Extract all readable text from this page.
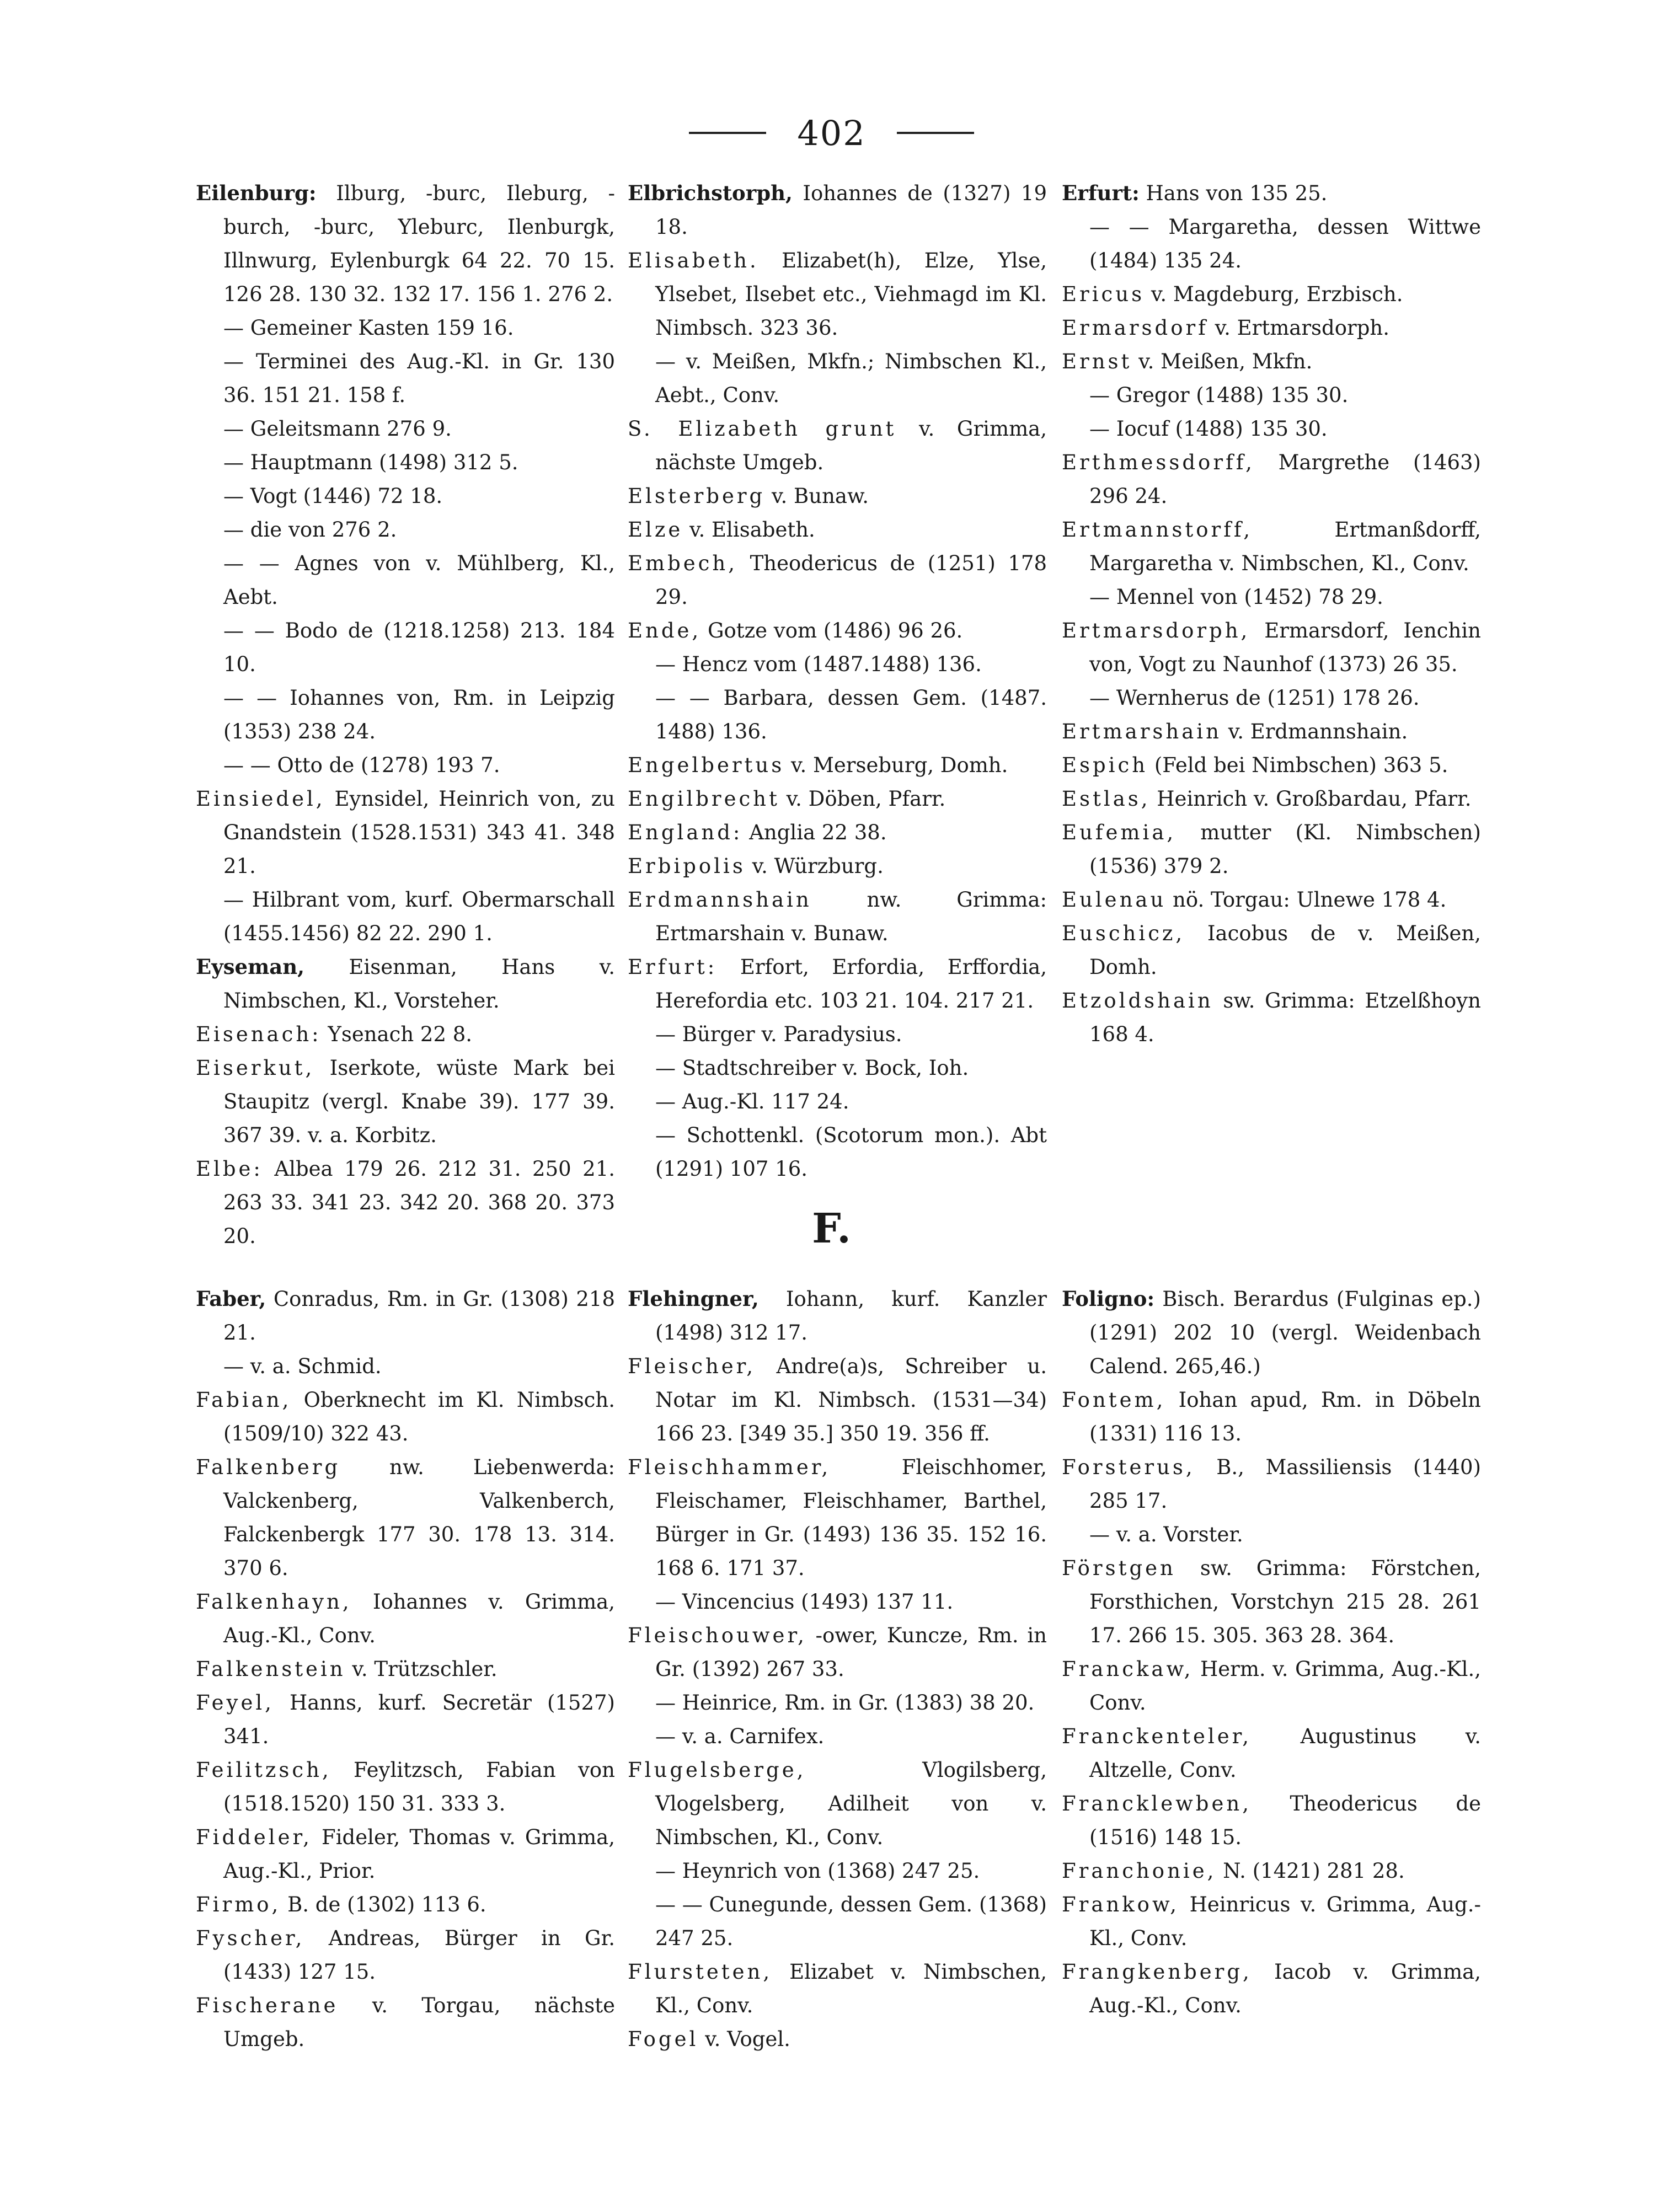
402

Eilenburg: Ilburg, -burc, Ileburg, -burch, -burc, Yleburc, Ilenburgk, Illnwurg, Eylenburgk 64 22. 70 15. 126 28. 130 32. 132 17. 156 1. 276 2.

— Gemeiner Kasten 159 16.

— Terminei des Aug.-Kl. in Gr. 130 36. 151 21. 158 f.

— Geleitsmann 276 9.

— Hauptmann (1498) 312 5.

— Vogt (1446) 72 18.

— die von 276 2.

— — Agnes von v. Mühlberg, Kl., Aebt.

— — Bodo de (1218.1258) 213. 184 10.

— — Iohannes von, Rm. in Leipzig (1353) 238 24.

— — Otto de (1278) 193 7.

Einsiedel, Eynsidel, Heinrich von, zu Gnandstein (1528.1531) 343 41. 348 21.

— Hilbrant vom, kurf. Obermarschall (1455.1456) 82 22. 290 1.

Eyseman, Eisenman, Hans v. Nimbschen, Kl., Vorsteher.

Eisenach: Ysenach 22 8.

Eiserkut, Iserkote, wüste Mark bei Staupitz (vergl. Knabe 39). 177 39. 367 39. v. a. Korbitz.

Elbe: Albea 179 26. 212 31. 250 21. 263 33. 341 23. 342 20. 368 20. 373 20.

Elbrichstorph, Iohannes de (1327) 19 18.

Elisabeth. Elizabet(h), Elze, Ylse, Ylsebet, Ilsebet etc., Viehmagd im Kl. Nimbsch. 323 36.

— v. Meißen, Mkfn.; Nimbschen Kl., Aebt., Conv.

S. Elizabeth grunt v. Grimma, nächste Umgeb.

Elsterberg v. Bunaw.

Elze v. Elisabeth.

Embech, Theodericus de (1251) 178 29.

Ende, Gotze vom (1486) 96 26.

— Hencz vom (1487.1488) 136.

— — Barbara, dessen Gem. (1487. 1488) 136.

Engelbertus v. Merseburg, Domh.

Engilbrecht v. Döben, Pfarr.

England: Anglia 22 38.

Erbipolis v. Würzburg.

Erdmannshain nw. Grimma: Ertmarshain v. Bunaw.

Erfurt: Erfort, Erfordia, Erffordia, Herefordia etc. 103 21. 104. 217 21.

— Bürger v. Paradysius.

— Stadtschreiber v. Bock, Ioh.

— Aug.-Kl. 117 24.

— Schottenkl. (Scotorum mon.). Abt (1291) 107 16.

Erfurt: Hans von 135 25.

— — Margaretha, dessen Wittwe (1484) 135 24.

Ericus v. Magdeburg, Erzbisch.

Ermarsdorf v. Ertmarsdorph.

Ernst v. Meißen, Mkfn.

— Gregor (1488) 135 30.

— Iocuf (1488) 135 30.

Erthmessdorff, Margrethe (1463) 296 24.

Ertmannstorff, Ertmanßdorff, Margaretha v. Nimbschen, Kl., Conv.

— Mennel von (1452) 78 29.

Ertmarsdorph, Ermarsdorf, Ienchin von, Vogt zu Naunhof (1373) 26 35.

— Wernherus de (1251) 178 26.

Ertmarshain v. Erdmannshain.

Espich (Feld bei Nimbschen) 363 5.

Estlas, Heinrich v. Großbardau, Pfarr.

Eufemia, mutter (Kl. Nimbschen) (1536) 379 2.

Eulenau nö. Torgau: Ulnewe 178 4.

Euschicz, Iacobus de v. Meißen, Domh.

Etzoldshain sw. Grimma: Etzelßhoyn 168 4.

F.

Faber, Conradus, Rm. in Gr. (1308) 218 21.

— v. a. Schmid.

Fabian, Oberknecht im Kl. Nimbsch. (1509/10) 322 43.

Falkenberg nw. Liebenwerda: Valckenberg, Valkenberch, Falckenbergk 177 30. 178 13. 314. 370 6.

Falkenhayn, Iohannes v. Grimma, Aug.-Kl., Conv.

Falkenstein v. Trützschler.

Feyel, Hanns, kurf. Secretär (1527) 341.

Feilitzsch, Feylitzsch, Fabian von (1518.1520) 150 31. 333 3.

Fiddeler, Fideler, Thomas v. Grimma, Aug.-Kl., Prior.

Firmo, B. de (1302) 113 6.

Fyscher, Andreas, Bürger in Gr. (1433) 127 15.

Fischerane v. Torgau, nächste Umgeb.

Flehingner, Iohann, kurf. Kanzler (1498) 312 17.

Fleischer, Andre(a)s, Schreiber u. Notar im Kl. Nimbsch. (1531—34) 166 23. [349 35.] 350 19. 356 ff.

Fleischhammer, Fleischhomer, Fleischamer, Fleischhamer, Barthel, Bürger in Gr. (1493) 136 35. 152 16. 168 6. 171 37.

— Vincencius (1493) 137 11.

Fleischouwer, -ower, Kuncze, Rm. in Gr. (1392) 267 33.

— Heinrice, Rm. in Gr. (1383) 38 20.

— v. a. Carnifex.

Flugelsberge, Vlogilsberg, Vlogelsberg, Adilheit von v. Nimbschen, Kl., Conv.

— Heynrich von (1368) 247 25.

— — Cunegunde, dessen Gem. (1368) 247 25.

Flursteten, Elizabet v. Nimbschen, Kl., Conv.

Fogel v. Vogel.

Foligno: Bisch. Berardus (Fulginas ep.) (1291) 202 10 (vergl. Weidenbach Calend. 265,46.)

Fontem, Iohan apud, Rm. in Döbeln (1331) 116 13.

Forsterus, B., Massiliensis (1440) 285 17.

— v. a. Vorster.

Förstgen sw. Grimma: Förstchen, Forsthichen, Vorstchyn 215 28. 261 17. 266 15. 305. 363 28. 364.

Franckaw, Herm. v. Grimma, Aug.-Kl., Conv.

Franckenteler, Augustinus v. Altzelle, Conv.

Francklewben, Theodericus de (1516) 148 15.

Franchonie, N. (1421) 281 28.

Frankow, Heinricus v. Grimma, Aug.-Kl., Conv.

Frangkenberg, Iacob v. Grimma, Aug.-Kl., Conv.
